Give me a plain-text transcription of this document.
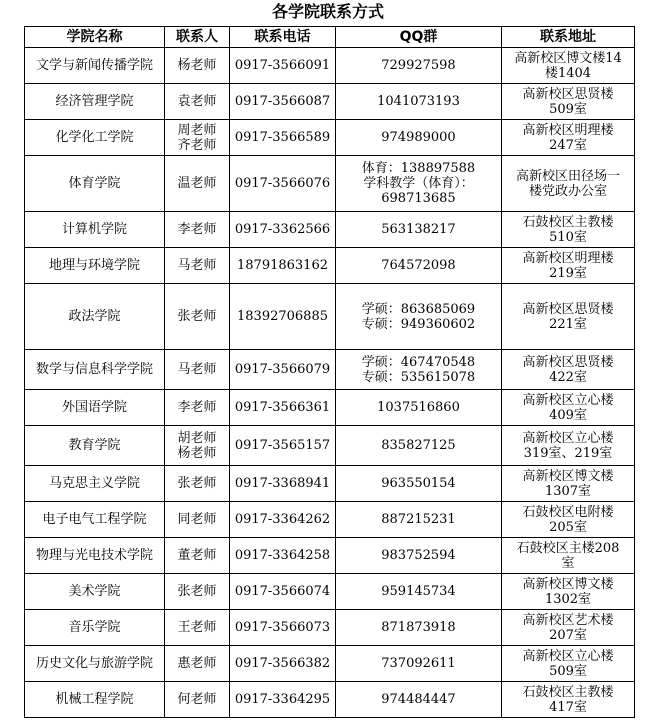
各学院联系方式
学院名称	联系人	联系电话	QQ群	联系地址
文学与新闻传播学院	杨老师	0917-3566091	729927598	高新校区博文楼14
楼1404

经济管理学院	袁老师	0917-3566087	1041073193	高新校区思贤楼
509室

化学化工学院	周老师
齐老师	0917-3566589	974989000	高新校区明理楼
247室

体育学院	温老师	0917-3566076	体育：138897588
学科教学（体育）：
698713685	高新校区田径场一
楼党政办公室

计算机学院	李老师	0917-3362566	563138217	石鼓校区主教楼
510室

地理与环境学院	马老师	18791863162	764572098	高新校区明理楼
219室

政法学院	张老师	18392706885	学硕：863685069
专硕：949360602	高新校区思贤楼
221室

数学与信息科学学院	马老师	0917-3566079	学硕：467470548
专硕：535615078	高新校区思贤楼
422室

外国语学院	李老师	0917-3566361	1037516860	高新校区立心楼
409室

教育学院	胡老师
杨老师	0917-3565157	835827125	高新校区立心楼
319室、219室

马克思主义学院	张老师	0917-3368941	963550154	高新校区博文楼
1307室

电子电气工程学院	同老师	0917-3364262	887215231	石鼓校区电附楼
205室

物理与光电技术学院	董老师	0917-3364258	983752594	石鼓校区主楼208
室

美术学院	张老师	0917-3566074	959145734	高新校区博文楼
1302室

音乐学院	王老师	0917-3566073	871873918	高新校区艺术楼
207室

历史文化与旅游学院	惠老师	0917-3566382	737092611	高新校区立心楼
509室

机械工程学院	何老师	0917-3364295	974484447	石鼓校区主教楼
417室
